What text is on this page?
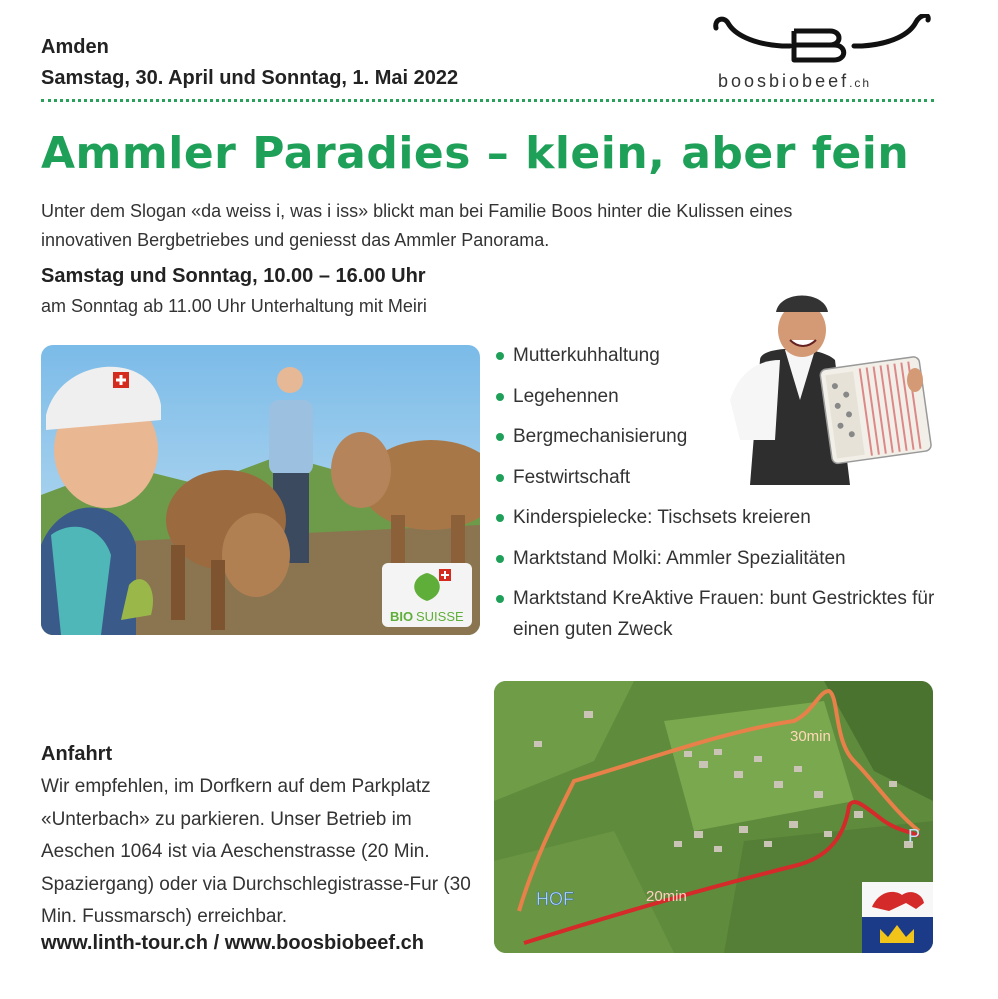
Amden
Samstag, 30. April und Sonntag, 1. Mai 2022	boosbiobeef.ch
Ammler Paradies – klein, aber fein
Unter dem Slogan «da weiss i, was i iss» blickt man bei Familie Boos hinter die Kulissen eines innovativen Bergbetriebes und geniesst das Ammler Panorama.
Samstag und Sonntag, 10.00 – 16.00 Uhr
am Sonntag ab 11.00 Uhr Unterhaltung mit Meiri
BIO SUISSE
Mutterkuhhaltung
Legehennen
Bergmechanisierung
Festwirtschaft
Kinderspielecke: Tischsets kreieren
Marktstand Molki: Ammler Spezialitäten
Marktstand KreAktive Frauen: bunt Gestricktes für einen guten Zweck
HOF	20min
30min
P
Anfahrt
Wir empfehlen, im Dorfkern auf dem Parkplatz «Unterbach» zu parkieren. Unser Betrieb im Aeschen 1064 ist via Aeschenstrasse (20 Min. Spaziergang) oder via Durchschlegistrasse-Fur (30 Min. Fussmarsch) erreichbar.
www.linth-tour.ch / www.boosbiobeef.ch
